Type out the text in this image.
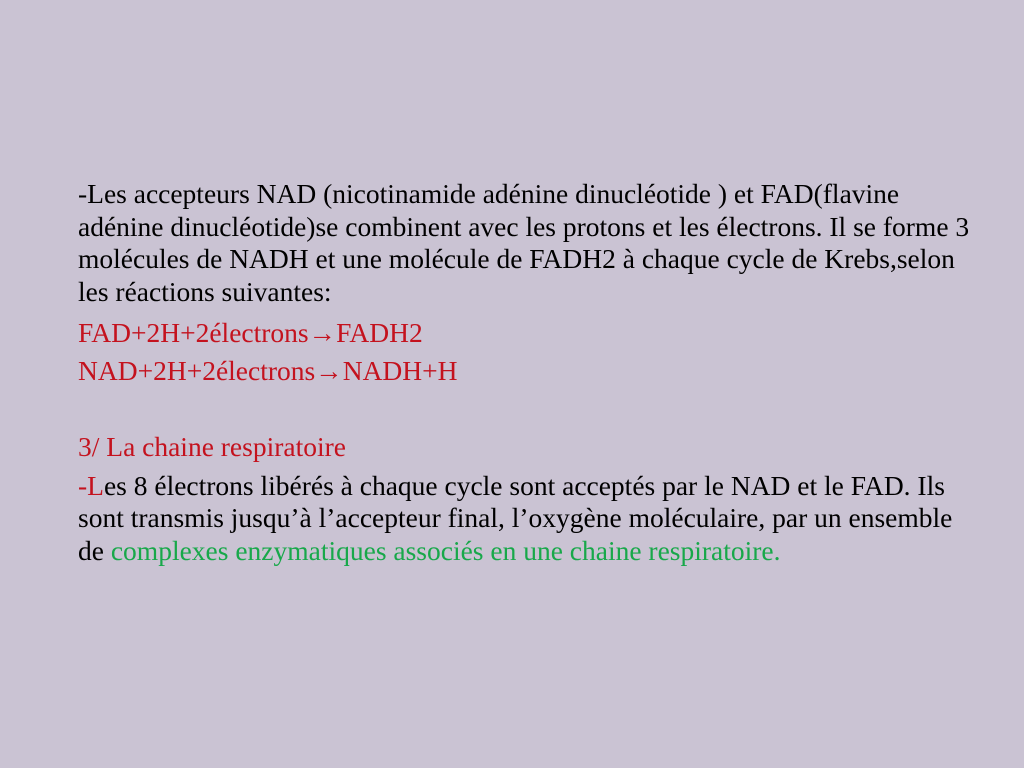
-Les accepteurs NAD (nicotinamide adénine dinucléotide ) et FAD(flavine adénine dinucléotide)se combinent avec les protons et les électrons. Il se forme 3 molécules de NADH et une molécule de FADH2 à chaque cycle de Krebs,selon les réactions suivantes:

FAD+2H+2électrons→FADH2

NAD+2H+2électrons→NADH+H

3/ La chaine respiratoire

-Les 8 électrons libérés à chaque cycle sont acceptés par le NAD et le FAD. Ils sont transmis jusqu’à l’accepteur final, l’oxygène moléculaire, par un ensemble de complexes enzymatiques associés en une chaine respiratoire.
